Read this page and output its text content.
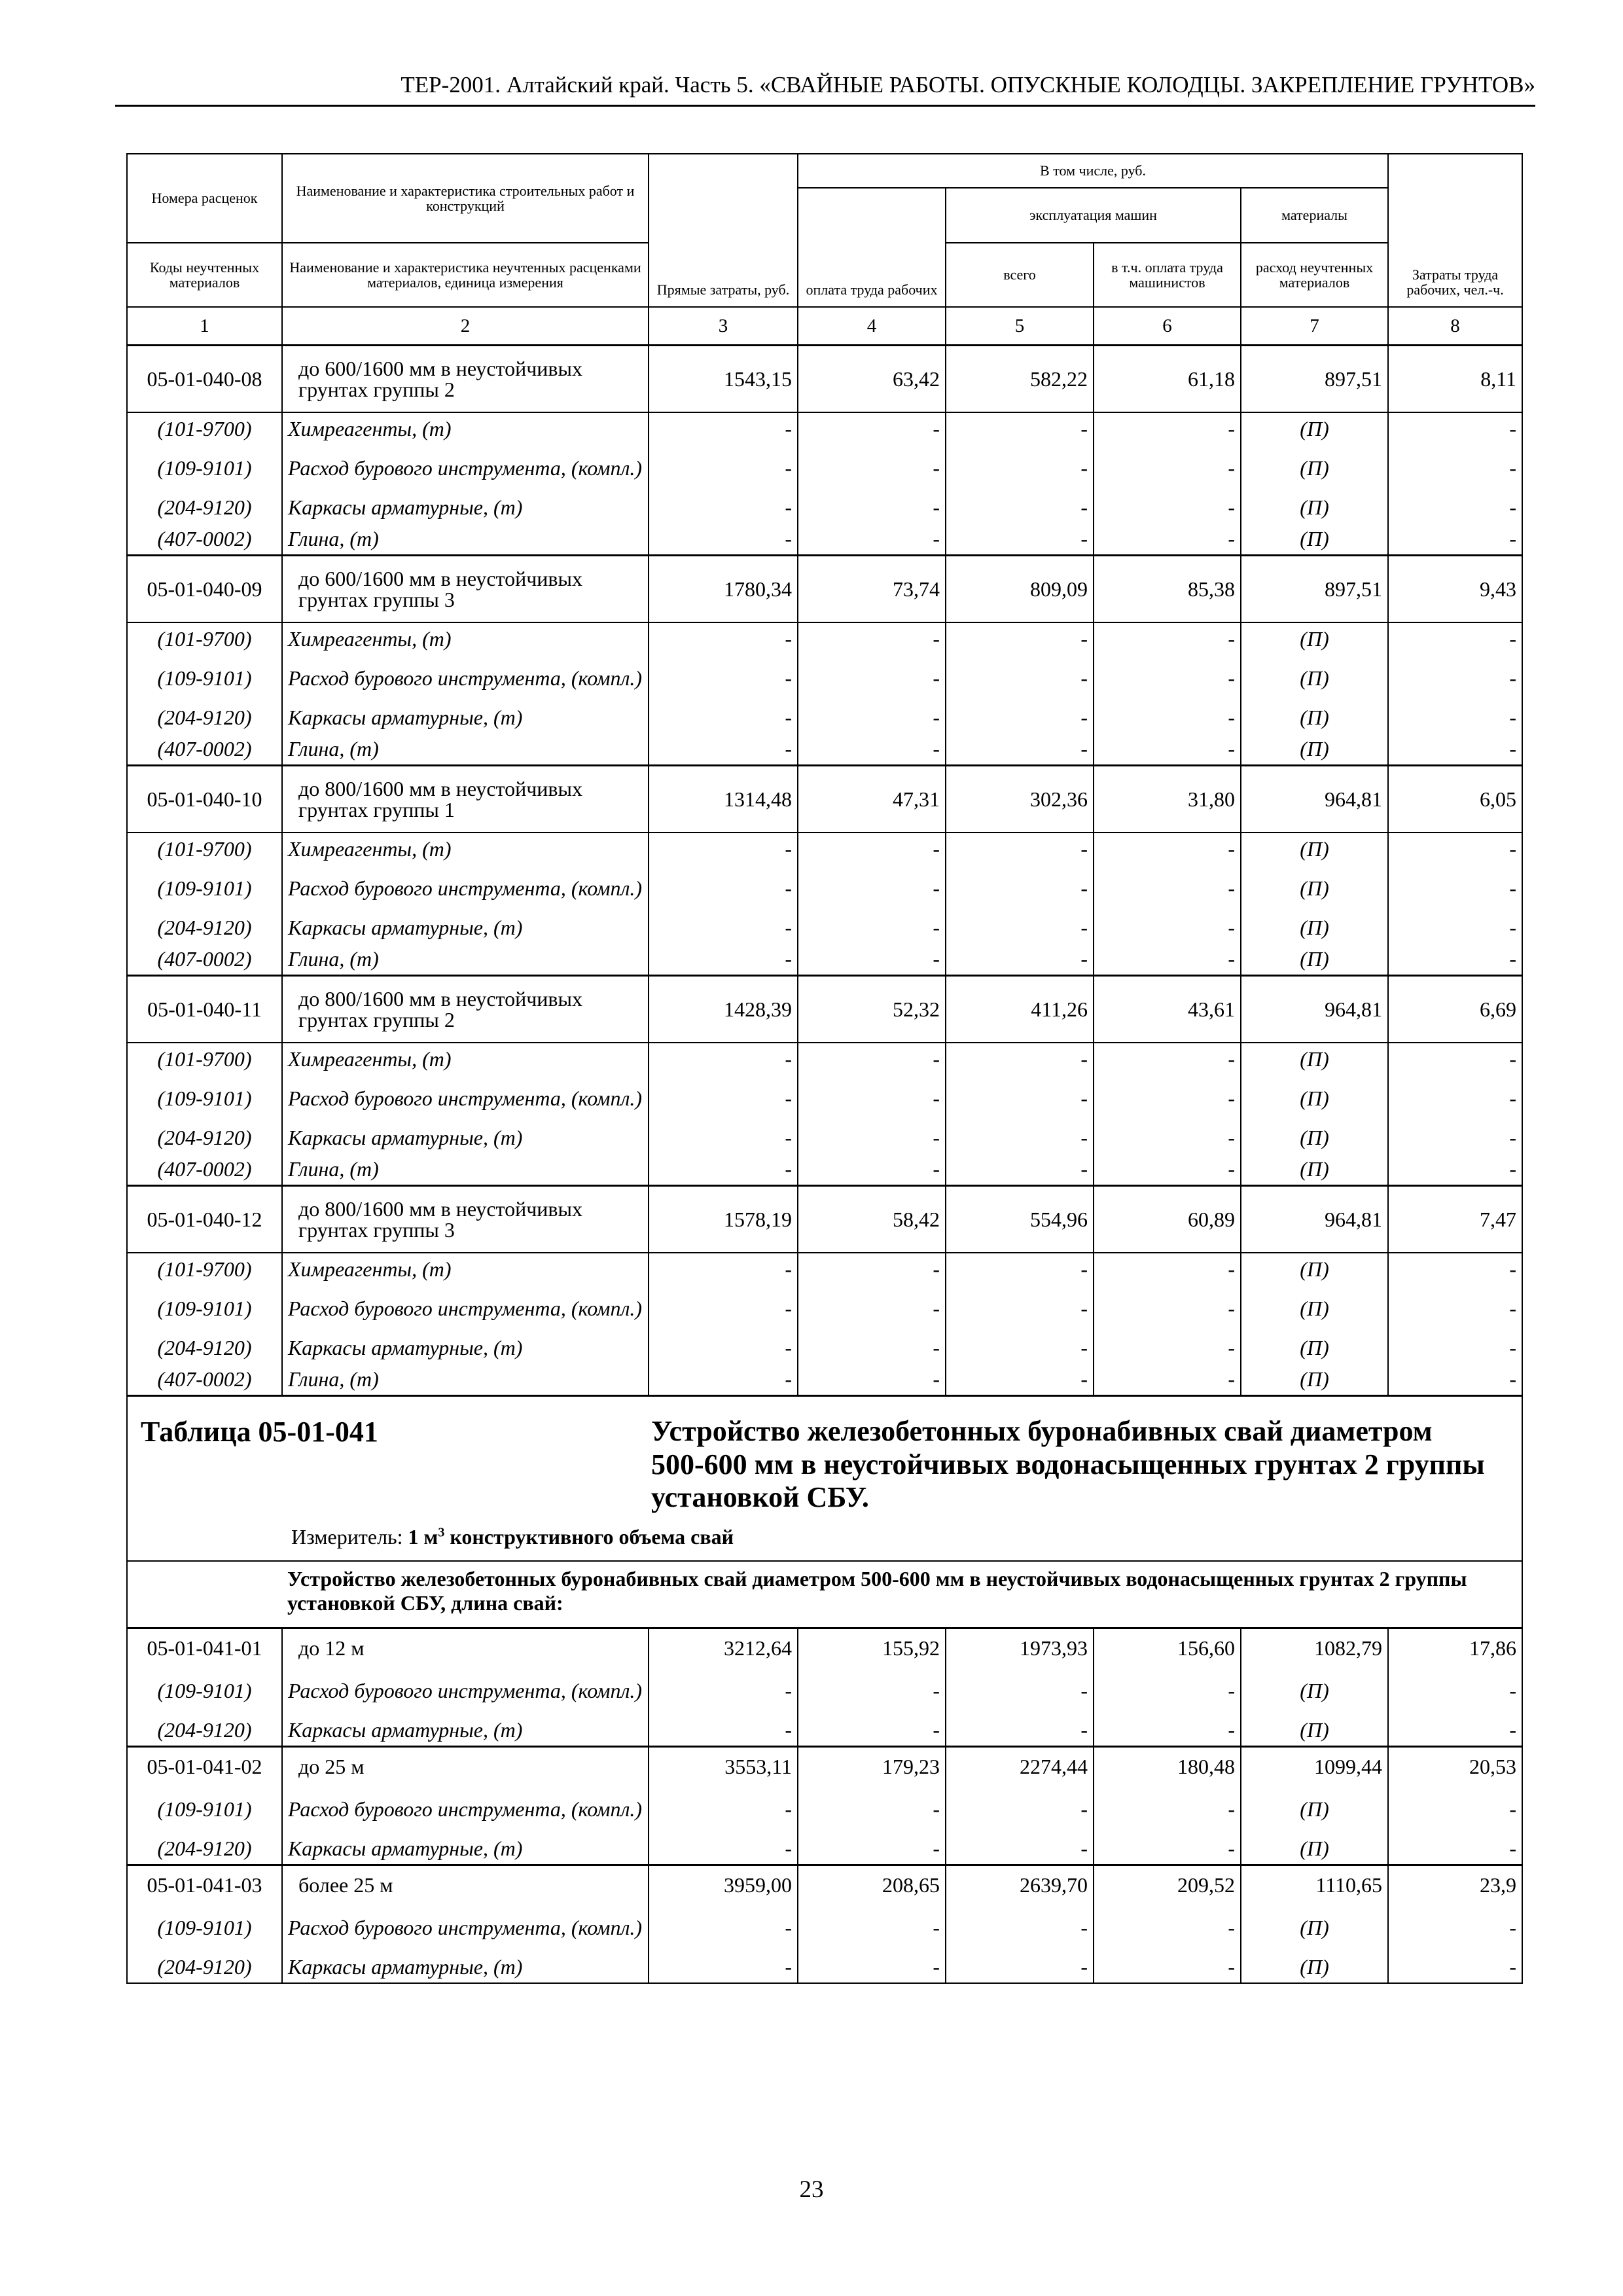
ТЕР-2001. Алтайский край. Часть 5. «СВАЙНЫЕ РАБОТЫ. ОПУСКНЫЕ КОЛОДЦЫ. ЗАКРЕПЛЕНИЕ ГРУНТОВ»
Номера расценок	Наименование и характеристика строительных работ и конструкций	Прямые затраты, руб.	В том числе, руб.				Затраты труда рабочих, чел.-ч.
			оплата труда рабочих	эксплуатация машин		материалы	
Коды неучтенных материалов	Наименование и характеристика неучтенных расценками материалов, единица измерения			всего	в т.ч. оплата труда машинистов	расход неучтенных материалов	
1	2	3	4	5	6	7	8
05-01-040-08	до 600/1600 мм в неустойчивых грунтах группы 2	1543,15	63,42	582,22	61,18	897,51	8,11
(101-9700)	Химреагенты, (т)	-	-	-	-	(П)	-
(109-9101)	Расход бурового инструмента, (компл.)	-	-	-	-	(П)	-
(204-9120)	Каркасы арматурные, (т)	-	-	-	-	(П)	-
(407-0002)	Глина, (т)	-	-	-	-	(П)	-
05-01-040-09	до 600/1600 мм в неустойчивых грунтах группы 3	1780,34	73,74	809,09	85,38	897,51	9,43
(101-9700)	Химреагенты, (т)	-	-	-	-	(П)	-
(109-9101)	Расход бурового инструмента, (компл.)	-	-	-	-	(П)	-
(204-9120)	Каркасы арматурные, (т)	-	-	-	-	(П)	-
(407-0002)	Глина, (т)	-	-	-	-	(П)	-
05-01-040-10	до 800/1600 мм в неустойчивых грунтах группы 1	1314,48	47,31	302,36	31,80	964,81	6,05
(101-9700)	Химреагенты, (т)	-	-	-	-	(П)	-
(109-9101)	Расход бурового инструмента, (компл.)	-	-	-	-	(П)	-
(204-9120)	Каркасы арматурные, (т)	-	-	-	-	(П)	-
(407-0002)	Глина, (т)	-	-	-	-	(П)	-
05-01-040-11	до 800/1600 мм в неустойчивых грунтах группы 2	1428,39	52,32	411,26	43,61	964,81	6,69
(101-9700)	Химреагенты, (т)	-	-	-	-	(П)	-
(109-9101)	Расход бурового инструмента, (компл.)	-	-	-	-	(П)	-
(204-9120)	Каркасы арматурные, (т)	-	-	-	-	(П)	-
(407-0002)	Глина, (т)	-	-	-	-	(П)	-
05-01-040-12	до 800/1600 мм в неустойчивых грунтах группы 3	1578,19	58,42	554,96	60,89	964,81	7,47
(101-9700)	Химреагенты, (т)	-	-	-	-	(П)	-
(109-9101)	Расход бурового инструмента, (компл.)	-	-	-	-	(П)	-
(204-9120)	Каркасы арматурные, (т)	-	-	-	-	(П)	-
(407-0002)	Глина, (т)	-	-	-	-	(П)	-

Таблица 05-01-041 Устройство железобетонных буронабивных свай диаметром 500-600 мм в неустойчивых водонасыщенных грунтах 2 группы установкой СБУ.
Измеритель: 1 $м^3$ конструктивного объема свай							

	Устройство железобетонных буронабивных свай диаметром 500-600 мм в неустойчивых водонасыщенных грунтах 2 группы установкой СБУ, длина свай:						
05-01-041-01	до 12 м	3212,64	155,92	1973,93	156,60	1082,79	17,86
(109-9101)	Расход бурового инструмента, (компл.)	-	-	-	-	(П)	-
(204-9120)	Каркасы арматурные, (т)	-	-	-	-	(П)	-
05-01-041-02	до 25 м	3553,11	179,23	2274,44	180,48	1099,44	20,53
(109-9101)	Расход бурового инструмента, (компл.)	-	-	-	-	(П)	-
(204-9120)	Каркасы арматурные, (т)	-	-	-	-	(П)	-
05-01-041-03	более 25 м	3959,00	208,65	2639,70	209,52	1110,65	23,9
(109-9101)	Расход бурового инструмента, (компл.)	-	-	-	-	(П)	-
(204-9120)	Каркасы арматурные, (т)	-	-	-	-	(П)	-
23
